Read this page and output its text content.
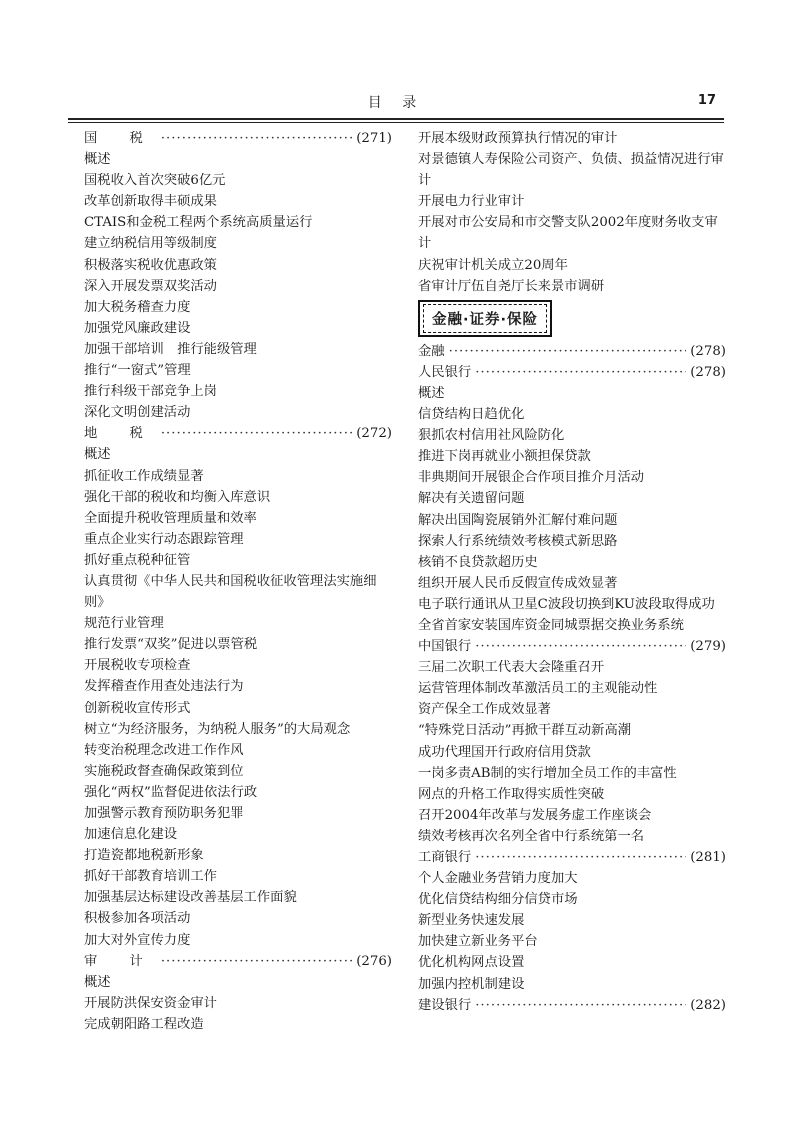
目 录	17
国 税 ·····	(271)
概述
国税收入首次突破6亿元
改革创新取得丰硕成果
CTAIS和金税工程两个系统高质量运行
建立纳税信用等级制度
积极落实税收优惠政策
深入开展发票双奖活动
加大税务稽查力度
加强党风廉政建设
加强干部培训　推行能级管理
推行“一窗式”管理
推行科级干部竞争上岗
深化文明创建活动
地 税 ·····	(272)
概述
抓征收工作成绩显著
强化干部的税收和均衡入库意识
全面提升税收管理质量和效率
重点企业实行动态跟踪管理
抓好重点税种征管
认真贯彻《中华人民共和国税收征收管理法实施细则》
规范行业管理
推行发票“双奖”促进以票管税
开展税收专项检查
发挥稽查作用查处违法行为
创新税收宣传形式
树立“为经济服务，为纳税人服务”的大局观念
转变治税理念改进工作作风
实施税政督查确保政策到位
强化“两权”监督促进依法行政
加强警示教育预防职务犯罪
加速信息化建设
打造瓷都地税新形象
抓好干部教育培训工作
加强基层达标建设改善基层工作面貌
积极参加各项活动
加大对外宣传力度
审 计 ·····	(276)
概述
开展防洪保安资金审计
完成朝阳路工程改造
开展本级财政预算执行情况的审计
对景德镇人寿保险公司资产、负债、损益情况进行审计
开展电力行业审计
开展对市公安局和市交警支队2002年度财务收支审计
庆祝审计机关成立20周年
省审计厅伍自尧厅长来景市调研
金融·证券·保险
金融 ·····	(278)
人民银行 ·····	(278)
概述
信贷结构日趋优化
狠抓农村信用社风险防化
推进下岗再就业小额担保贷款
非典期间开展银企合作项目推介月活动
解决有关遗留问题
解决出国陶瓷展销外汇解付难问题
探索人行系统绩效考核模式新思路
核销不良贷款超历史
组织开展人民币反假宣传成效显著
电子联行通讯从卫星C波段切换到KU波段取得成功
全省首家安装国库资金同城票据交换业务系统
中国银行 ·····	(279)
三届二次职工代表大会隆重召开
运营管理体制改革激活员工的主观能动性
资产保全工作成效显著
“特殊党日活动”再掀干群互动新高潮
成功代理国开行政府信用贷款
一岗多责AB制的实行增加全员工作的丰富性
网点的升格工作取得实质性突破
召开2004年改革与发展务虚工作座谈会
绩效考核再次名列全省中行系统第一名
工商银行 ·····	(281)
个人金融业务营销力度加大
优化信贷结构细分信贷市场
新型业务快速发展
加快建立新业务平台
优化机构网点设置
加强内控机制建设
建设银行 ·····	(282)
